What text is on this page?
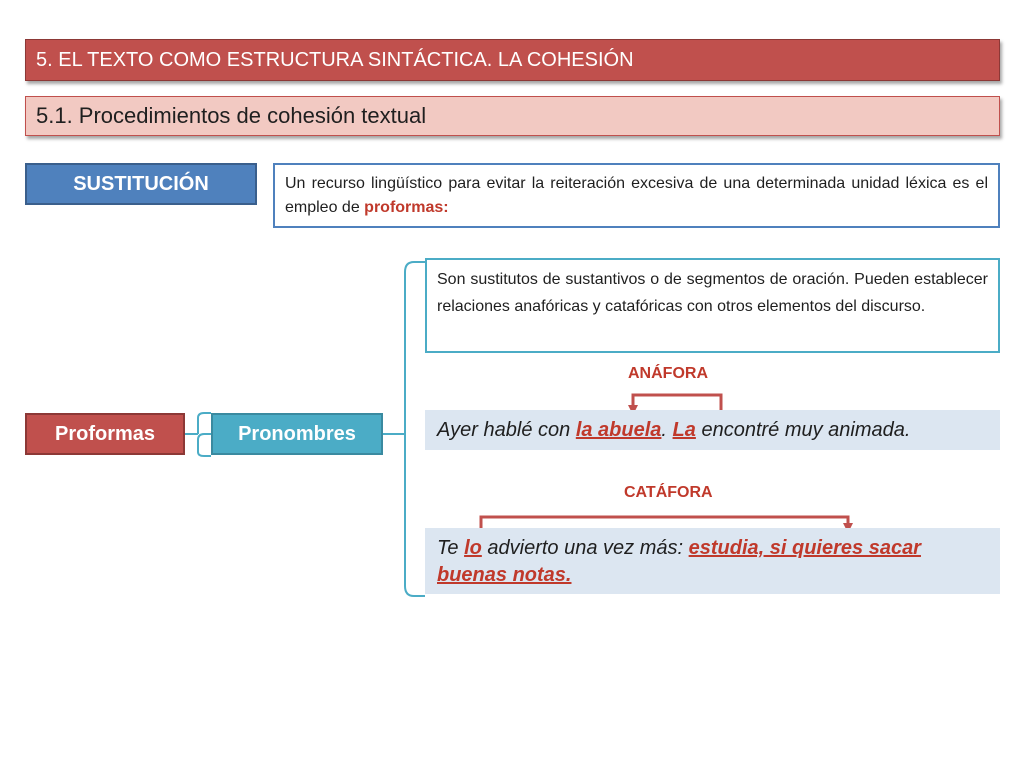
5. EL TEXTO COMO ESTRUCTURA SINTÁCTICA. LA COHESIÓN
5.1. Procedimientos de cohesión textual
SUSTITUCIÓN	Un recurso lingüístico para evitar la reiteración excesiva de una determinada unidad léxica es el empleo de proformas:
Son sustitutos de sustantivos o de segmentos de oración. Pueden establecer relaciones anafóricas y catafóricas con otros elementos del discurso.
Proformas	Pronombres
ANÁFORA
Ayer hablé con la abuela. La encontré muy animada.
CATÁFORA
Te lo advierto una vez más: estudia, si quieres sacar buenas notas.
